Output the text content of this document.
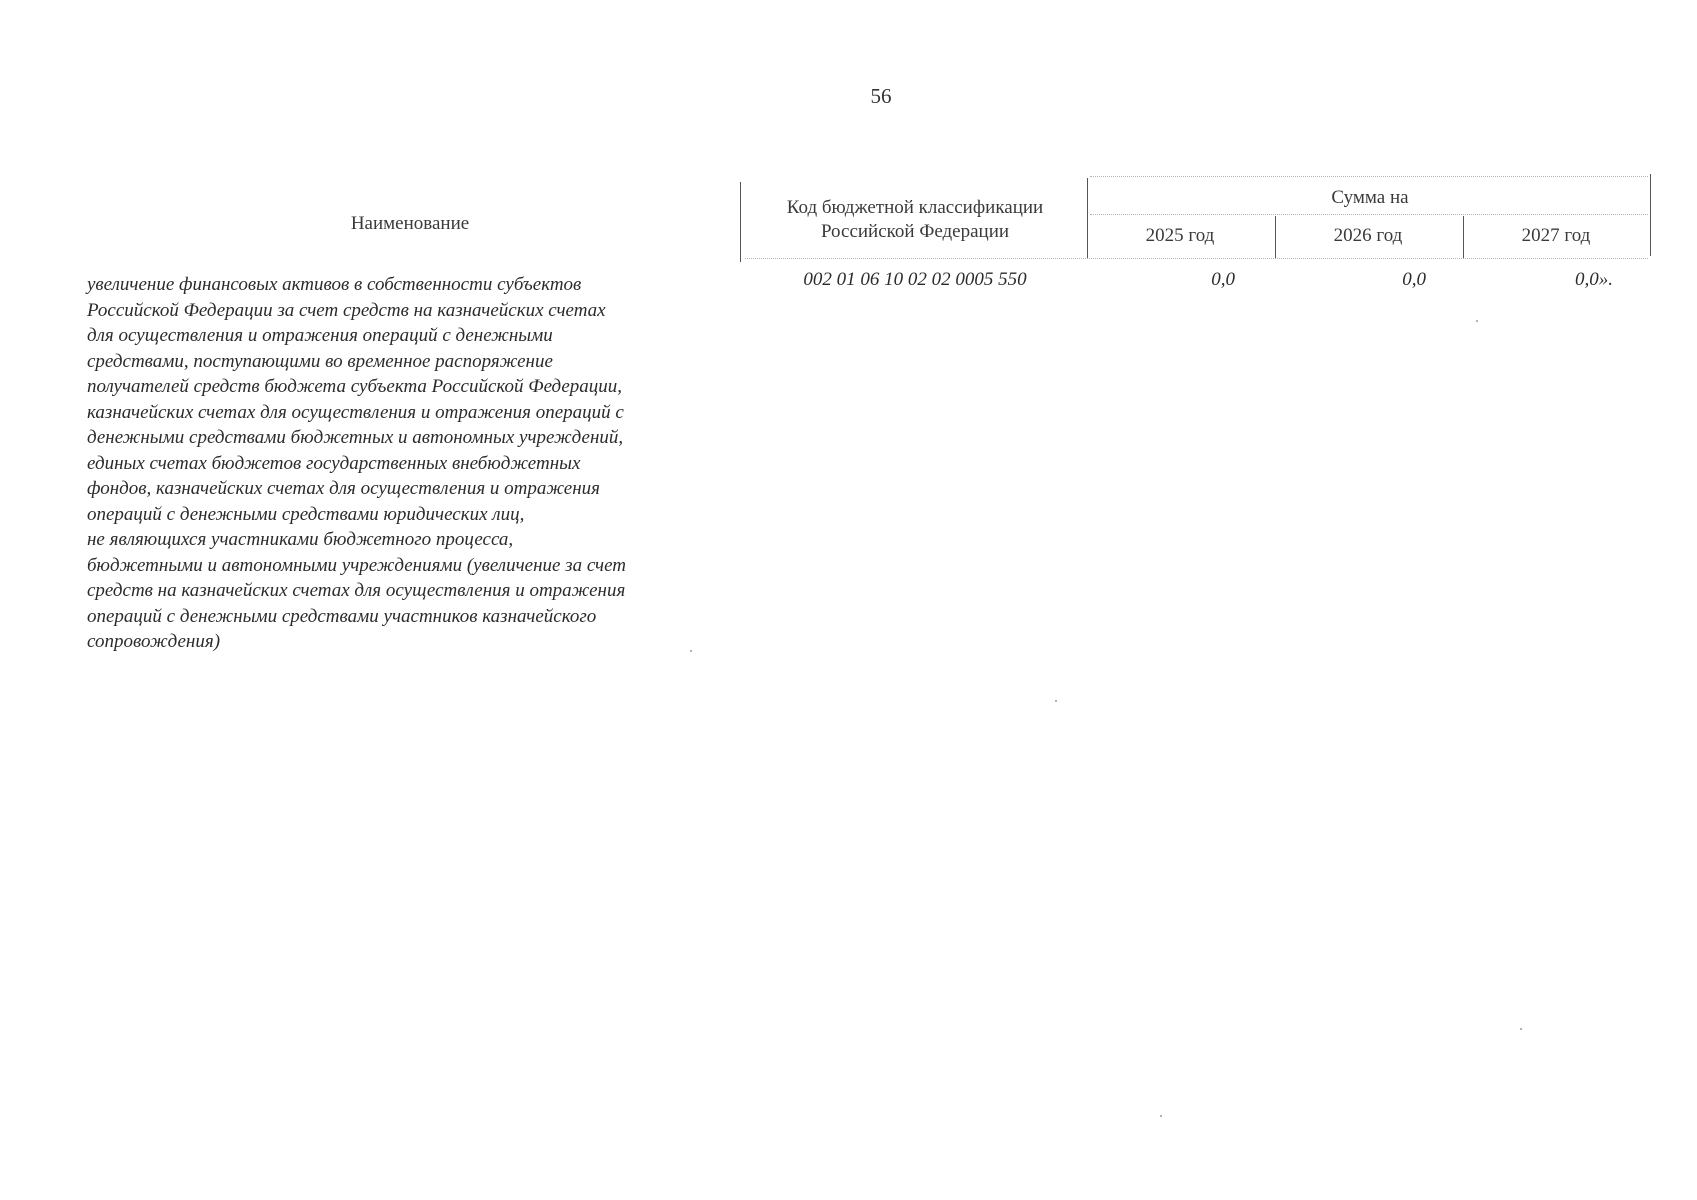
56
Наименование
Код бюджетной классификации
Российской Федерации
Сумма на
2025 год	2026 год	2027 год
увеличение финансовых активов в собственности субъектов
Российской Федерации за счет средств на казначейских счетах
для осуществления и отражения операций с денежными
средствами, поступающими во временное распоряжение
получателей средств бюджета субъекта Российской Федерации,
казначейских счетах для осуществления и отражения операций с
денежными средствами бюджетных и автономных учреждений,
единых счетах бюджетов государственных внебюджетных
фондов, казначейских счетах для осуществления и отражения
операций с денежными средствами юридических лиц,
не являющихся участниками бюджетного процесса,
бюджетными и автономными учреждениями (увеличение за счет
средств на казначейских счетах для осуществления и отражения
операций с денежными средствами участников казначейского
сопровождения)
002 01 06 10 02 02 0005 550	0,0	0,0	0,0».
